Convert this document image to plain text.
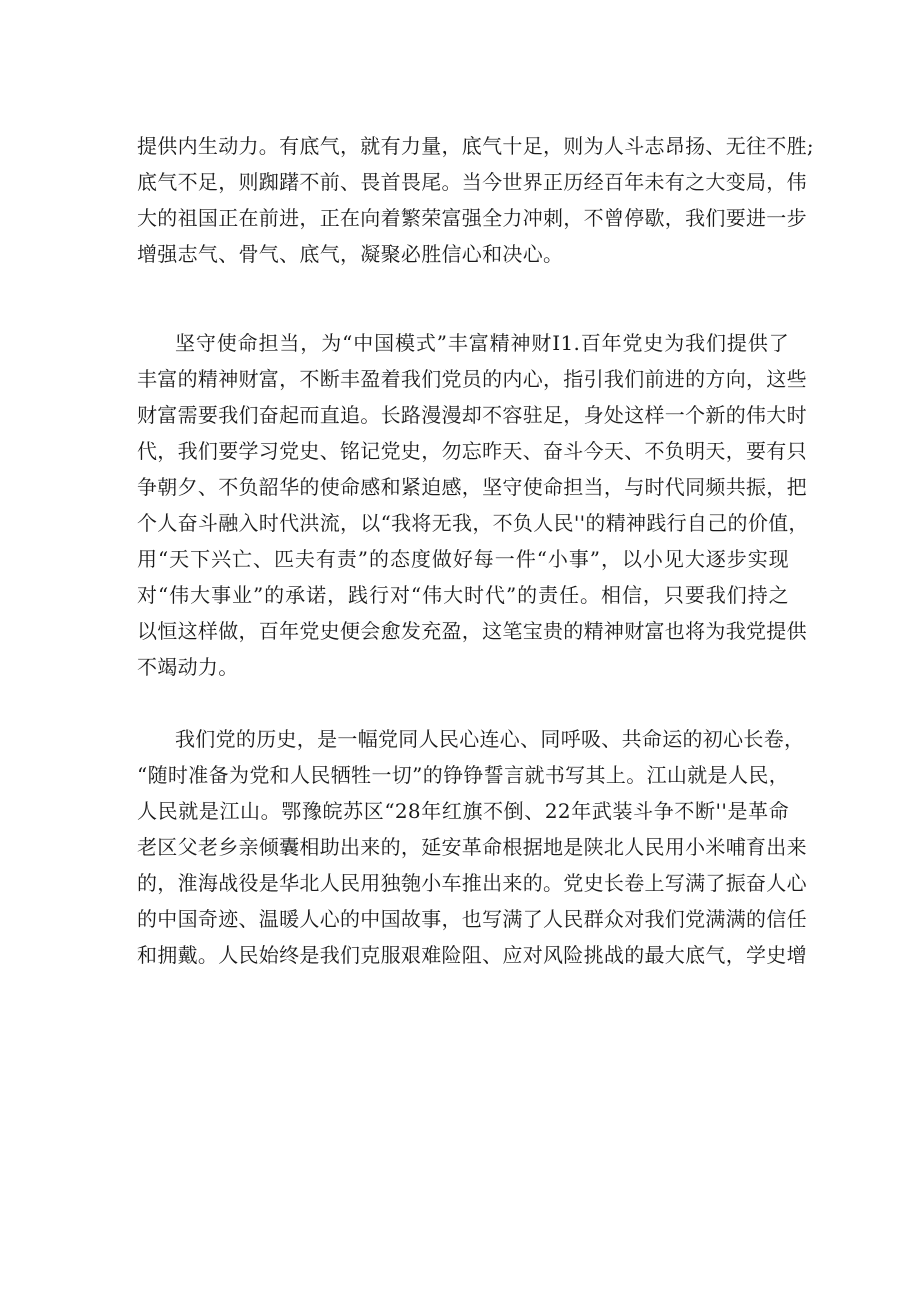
提供内生动力。有底气，就有力量，底气十足，则为人斗志昂扬、无往不胜;
底气不足，则踟躇不前、畏首畏尾。当今世界正历经百年未有之大变局，伟
大的祖国正在前进，正在向着繁荣富强全力冲刺，不曾停歇，我们要进一步
增强志气、骨气、底气，凝聚必胜信心和决心。
坚守使命担当，为“中国模式”丰富精神财I1.百年党史为我们提供了
丰富的精神财富，不断丰盈着我们党员的内心，指引我们前进的方向，这些
财富需要我们奋起而直追。长路漫漫却不容驻足，身处这样一个新的伟大时
代，我们要学习党史、铭记党史，勿忘昨天、奋斗今天、不负明天，要有只
争朝夕、不负韶华的使命感和紧迫感，坚守使命担当，与时代同频共振，把
个人奋斗融入时代洪流，以“我将无我，不负人民''的精神践行自己的价值，
用“天下兴亡、匹夫有责”的态度做好每一件“小事”，以小见大逐步实现
对“伟大事业”的承诺，践行对“伟大时代”的责任。相信，只要我们持之
以恒这样做，百年党史便会愈发充盈，这笔宝贵的精神财富也将为我党提供
不竭动力。
我们党的历史，是一幅党同人民心连心、同呼吸、共命运的初心长卷，
“随时准备为党和人民牺牲一切”的铮铮誓言就书写其上。江山就是人民，
人民就是江山。鄂豫皖苏区“28年红旗不倒、22年武装斗争不断''是革命
老区父老乡亲倾囊相助出来的，延安革命根据地是陕北人民用小米哺育出来
的，淮海战役是华北人民用独匏小车推出来的。党史长卷上写满了振奋人心
的中国奇迹、温暖人心的中国故事，也写满了人民群众对我们党满满的信任
和拥戴。人民始终是我们克服艰难险阻、应对风险挑战的最大底气，学史增
